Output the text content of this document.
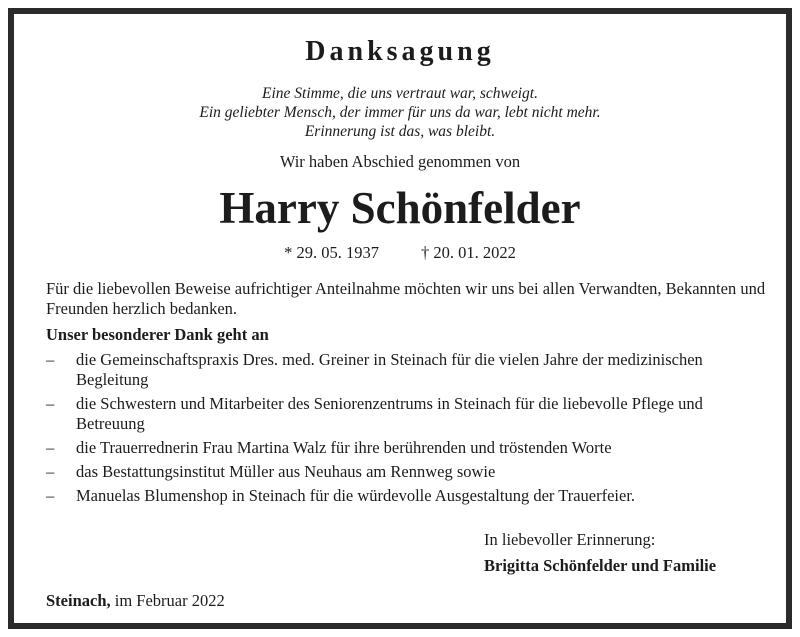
Danksagung
Eine Stimme, die uns vertraut war, schweigt.
Ein geliebter Mensch, der immer für uns da war, lebt nicht mehr.
Erinnerung ist das, was bleibt.
Wir haben Abschied genommen von
Harry Schönfelder
* 29. 05. 1937	† 20. 01. 2022
Für die liebevollen Beweise aufrichtiger Anteilnahme möchten wir uns bei allen Verwandten, Bekannten und Freunden herzlich bedanken.
Unser besonderer Dank geht an
–	die Gemeinschaftspraxis Dres. med. Greiner in Steinach für die vielen Jahre der medizinischen Begleitung
–	die Schwestern und Mitarbeiter des Seniorenzentrums in Steinach für die liebevolle Pflege und Betreuung
–	die Trauerrednerin Frau Martina Walz für ihre berührenden und tröstenden Worte
–	das Bestattungsinstitut Müller aus Neuhaus am Rennweg sowie
–	Manuelas Blumenshop in Steinach für die würdevolle Ausgestaltung der Trauerfeier.
In liebevoller Erinnerung:
Brigitta Schönfelder und Familie
Steinach, im Februar 2022
